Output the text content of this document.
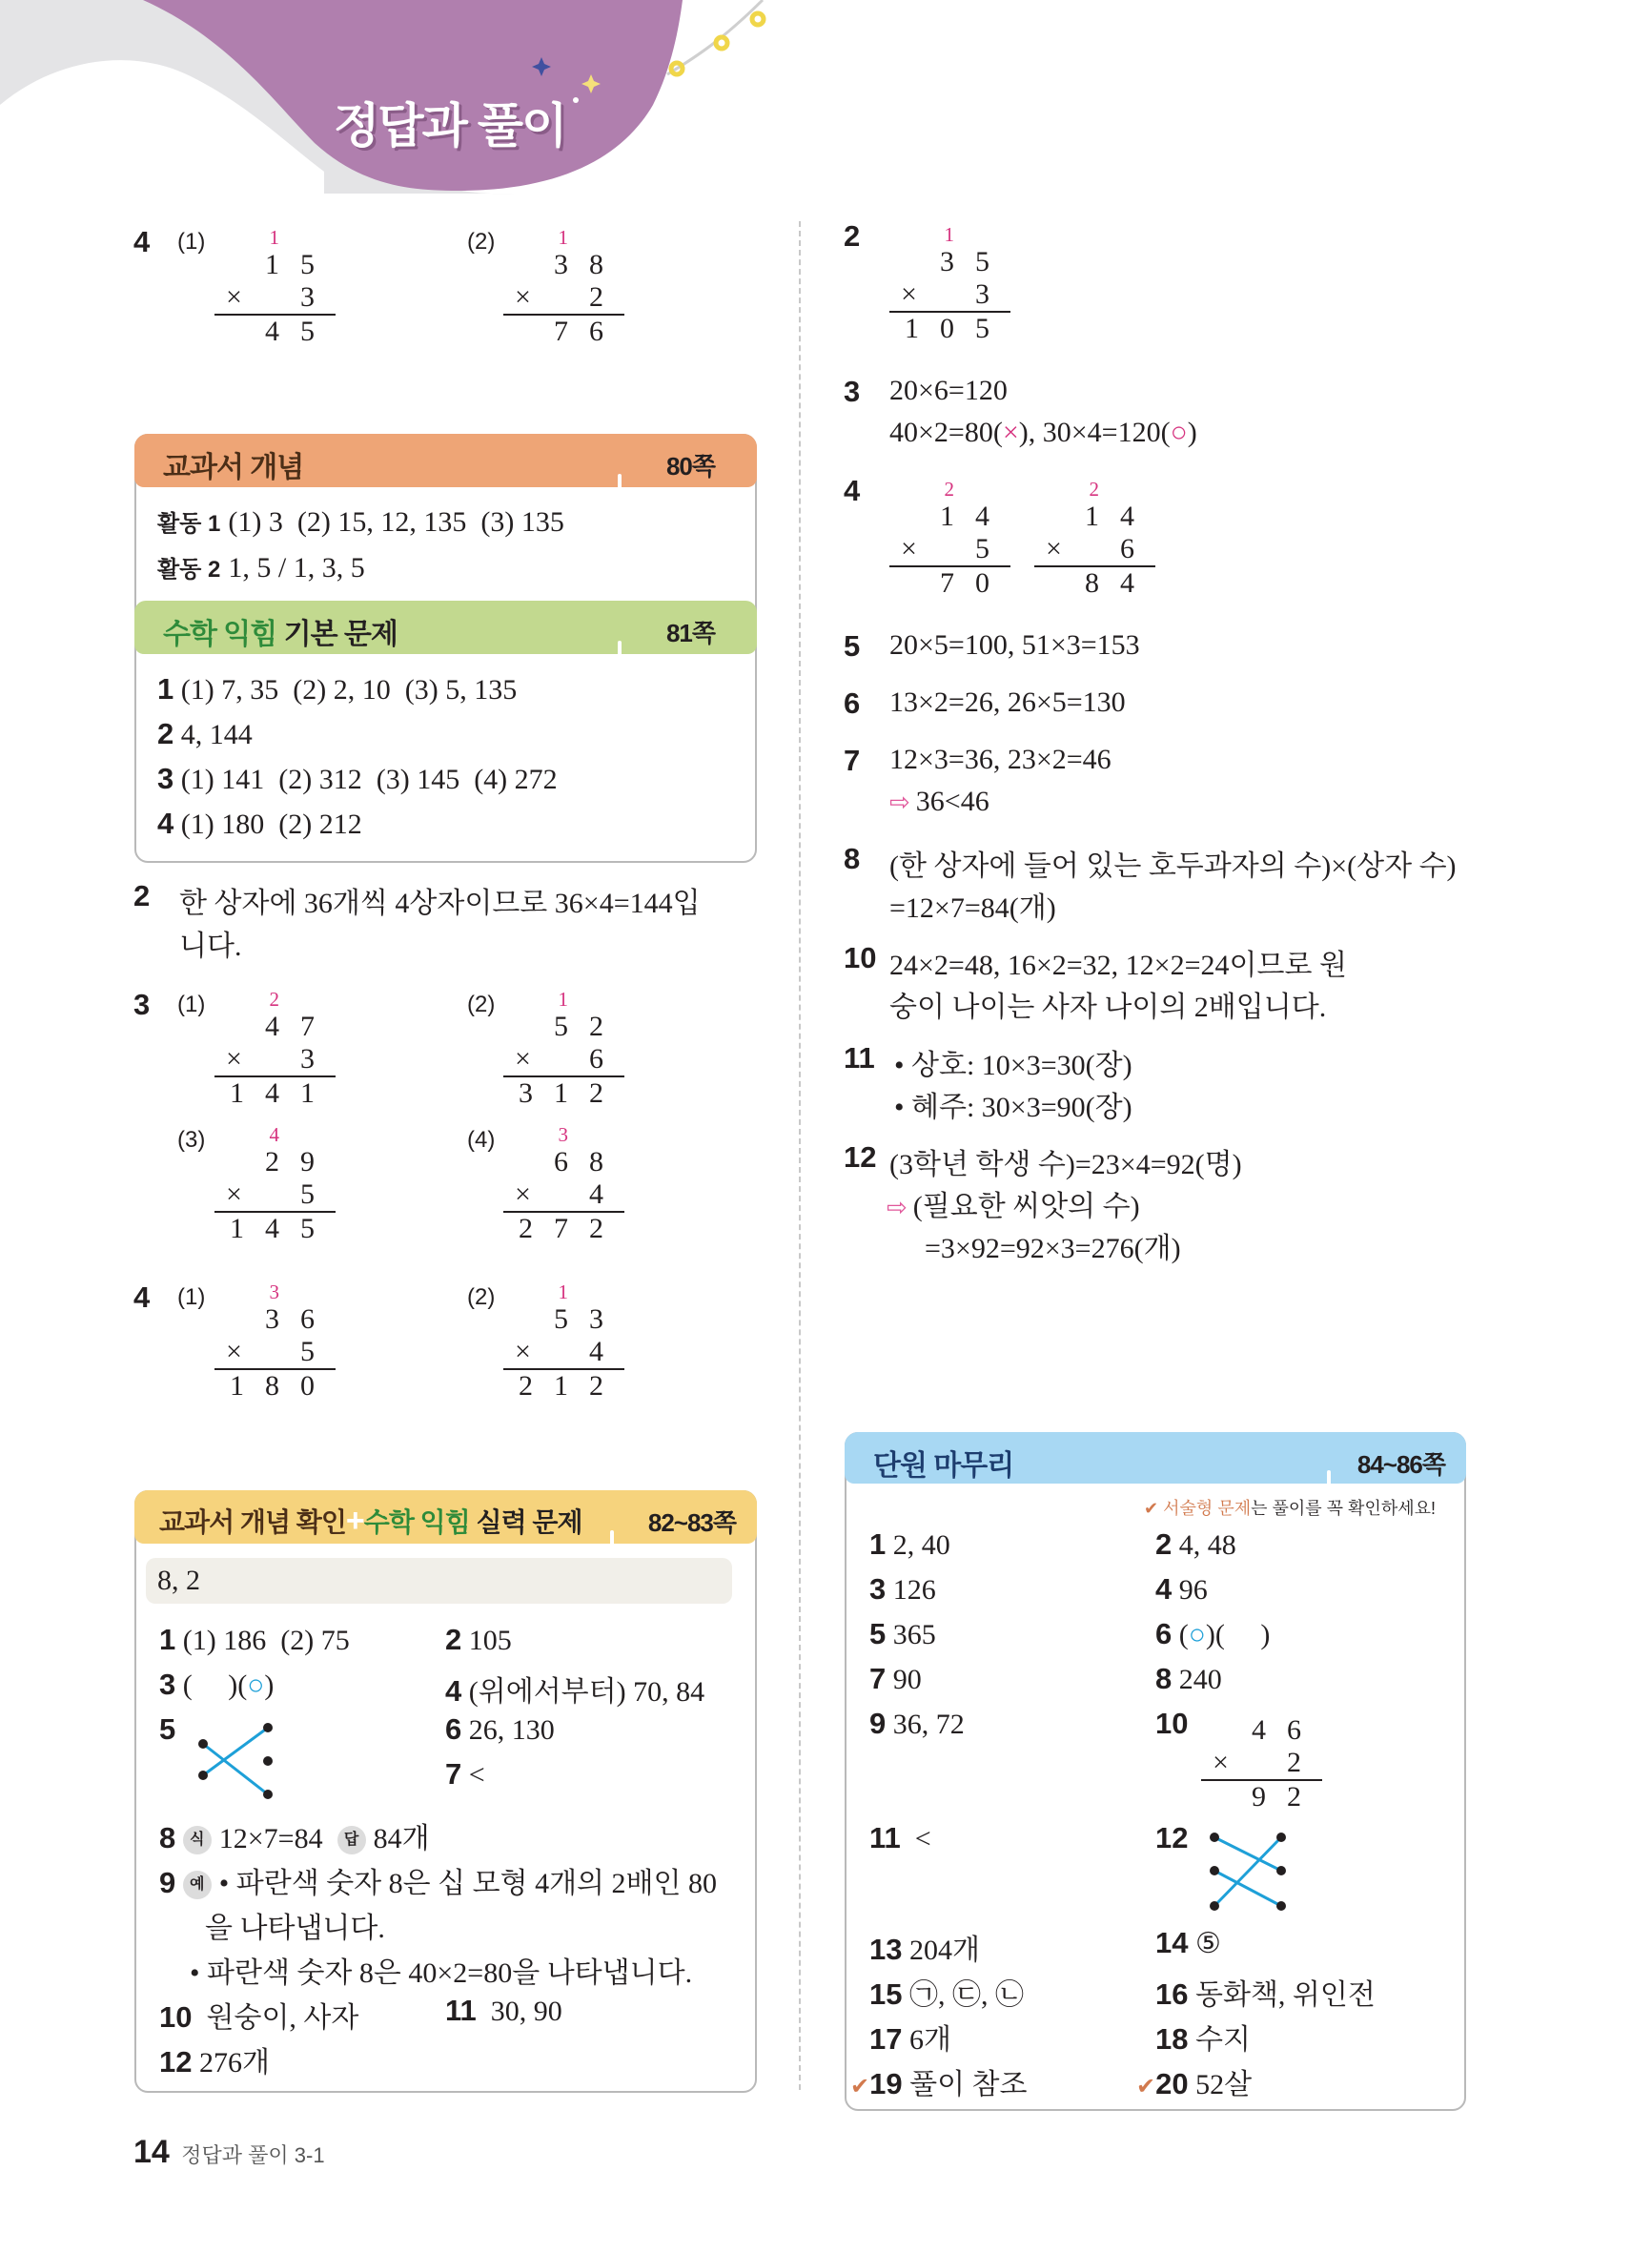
정답과 풀이
4 (1)	1
15
× 3
45
(2)	1
38
× 2
76
교과서 개념	80쪽
활동 1 (1) 3  (2) 15, 12, 135  (3) 135
활동 2 1, 5 / 1, 3, 5
수학 익힘 기본 문제	81쪽
1 (1) 7, 35  (2) 2, 10  (3) 5, 135
2 4, 144
3 (1) 141  (2) 312  (3) 145  (4) 272
4 (1) 180  (2) 212
2 한 상자에 36개씩 4상자이므로 36×4=144입
니다.
3 (1)	2
47
× 3
141
(2)	1
52
× 6
312
(3)	4
29
× 5
145
(4)	3
68
× 4
272
4 (1)	3
36
× 5
180
(2)	1
53
× 4
212
교과서 개념 확인+수학 익힘 실력 문제	82~83쪽
8, 2
1 (1) 186  (2) 75	2 105
3 (     )(○)	4 (위에서부터) 70, 84
5	6 26, 130
7 <
8 식 12×7=84 답 84개
9 예 • 파란색 숫자 8은 십 모형 4개의 2배인 80
을 나타냅니다.
• 파란색 숫자 8은 40×2=80을 나타냅니다.
10 원숭이, 사자	11 30, 90
12 276개
2	1
35
× 3
105
3 20×6=120
40×2=80(×), 30×4=120(○)
4	2
14
× 5
70
2
14
× 6
84
5 20×5=100, 51×3=153
6 13×2=26, 26×5=130
7 12×3=36, 23×2=46
⇨ 36<46
8 (한 상자에 들어 있는 호두과자의 수)×(상자 수)
=12×7=84(개)
10 24×2=48, 16×2=32, 12×2=24이므로 원
숭이 나이는 사자 나이의 2배입니다.
11 • 상호: 10×3=30(장)
• 혜주: 30×3=90(장)
12 (3학년 학생 수)=23×4=92(명)
⇨ (필요한 씨앗의 수)
=3×92=92×3=276(개)
단원 마무리	84~86쪽
✔ 서술형 문제는 풀이를 꼭 확인하세요!
1 2, 40	2 4, 48
3 126	4 96
5 365	6 (○)(     )
7 90	8 240
9 36, 72	10	46
× 2
92
11 <	12
13 204개	14 ⑤
15 ㉠, ㉢, ㉡	16 동화책, 위인전
17 6개	18 수지
✔19 풀이 참조	✔20 52살
14 정답과 풀이 3-1
